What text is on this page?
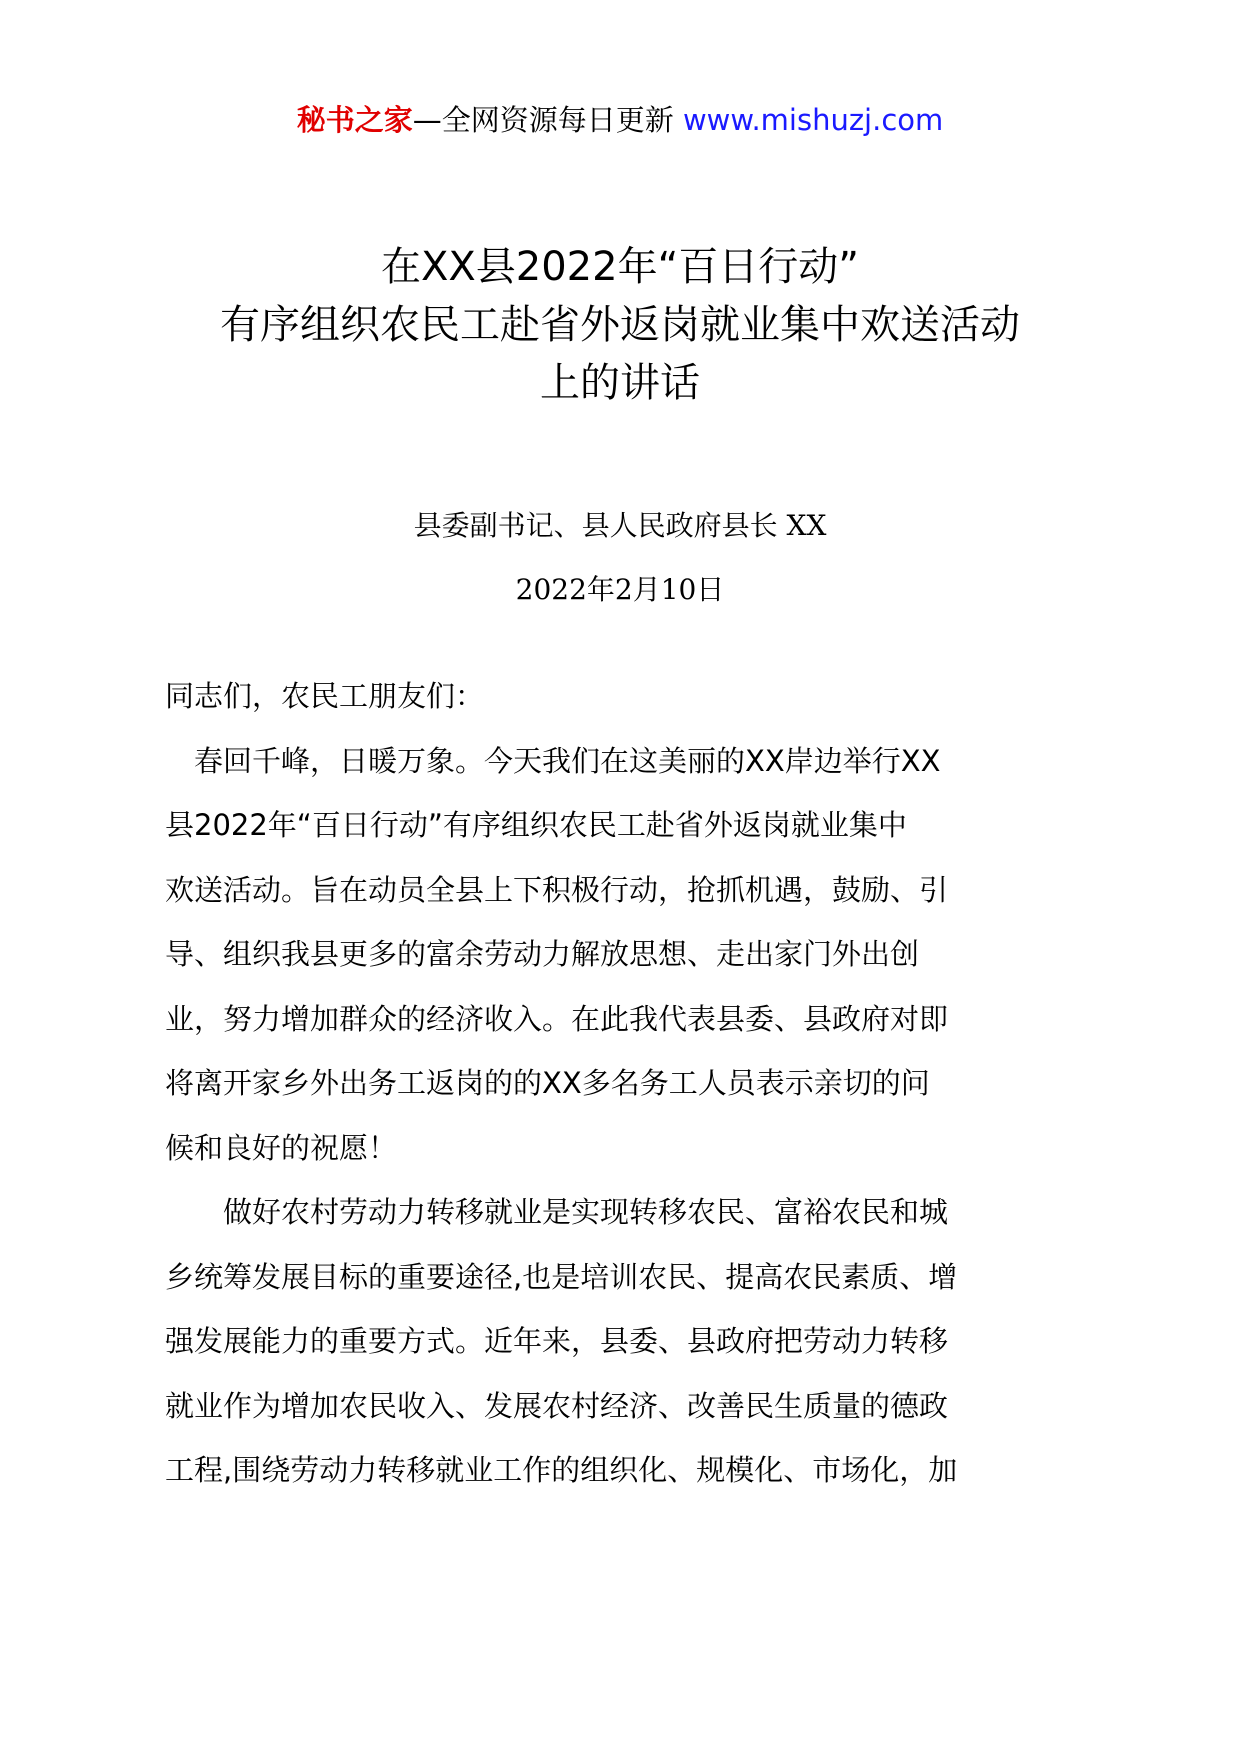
秘书之家—全网资源每日更新 www.mishuzj.com
在XX县2022年“百日行动”
有序组织农民工赴省外返岗就业集中欢送活动
上的讲话
县委副书记、县人民政府县长 XX
2022年2月10日
同志们，农民工朋友们：
　春回千峰，日暖万象。今天我们在这美丽的XX岸边举行XX
县2022年“百日行动”有序组织农民工赴省外返岗就业集中
欢送活动。旨在动员全县上下积极行动，抢抓机遇，鼓励、引
导、组织我县更多的富余劳动力解放思想、走出家门外出创
业，努力增加群众的经济收入。在此我代表县委、县政府对即
将离开家乡外出务工返岗的的XX多名务工人员表示亲切的问
候和良好的祝愿！
　　做好农村劳动力转移就业是实现转移农民、富裕农民和城
乡统筹发展目标的重要途径,也是培训农民、提高农民素质、增
强发展能力的重要方式。近年来，县委、县政府把劳动力转移
就业作为增加农民收入、发展农村经济、改善民生质量的德政
工程,围绕劳动力转移就业工作的组织化、规模化、市场化，加
